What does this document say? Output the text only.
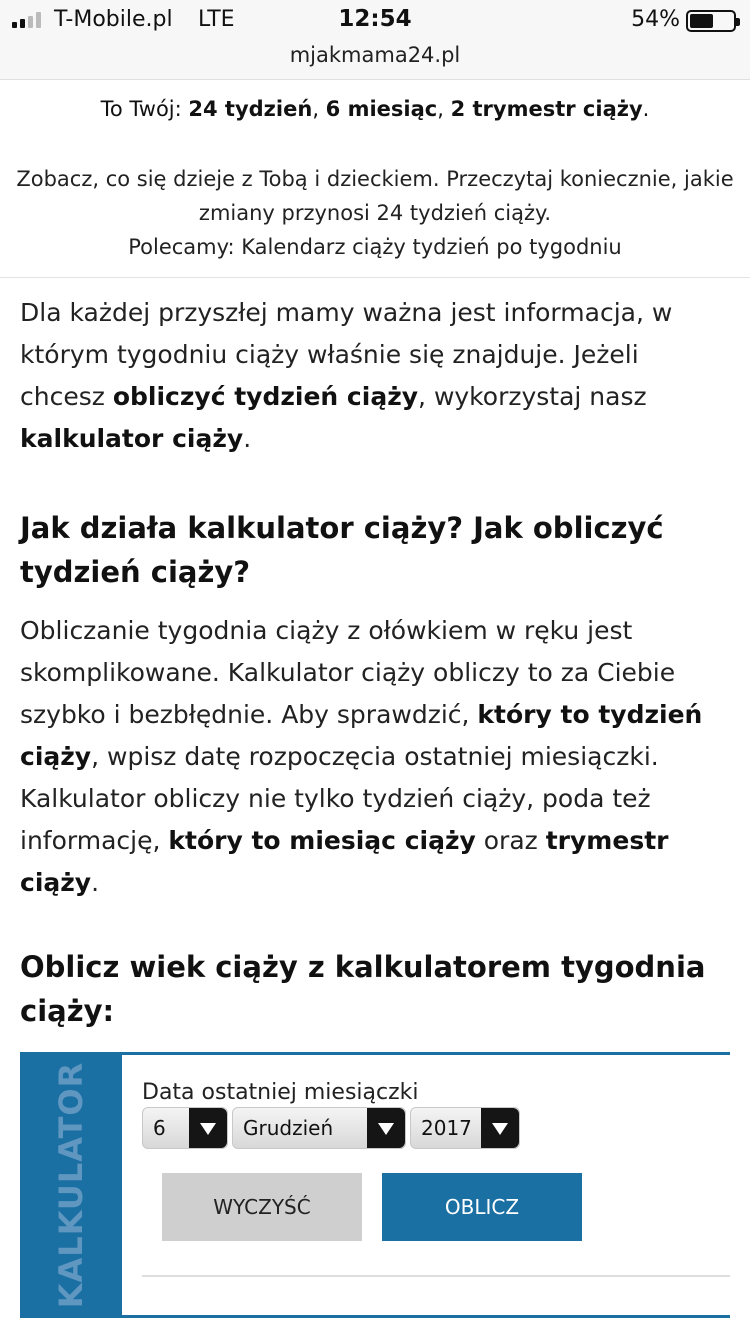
T-Mobile.pl LTE	12:54	54%
mjakmama24.pl
To Twój: 24 tydzień, 6 miesiąc, 2 trymestr ciąży.
Zobacz, co się dzieje z Tobą i dzieckiem. Przeczytaj koniecznie, jakie
zmiany przynosi 24 tydzień ciąży.
Polecamy: Kalendarz ciąży tydzień po tygodniu
Dla każdej przyszłej mamy ważna jest informacja, w którym tygodniu ciąży właśnie się znajduje. Jeżeli chcesz obliczyć tydzień ciąży, wykorzystaj nasz kalkulator ciąży.
Jak działa kalkulator ciąży? Jak obliczyć tydzień ciąży?
Obliczanie tygodnia ciąży z ołówkiem w ręku jest skomplikowane. Kalkulator ciąży obliczy to za Ciebie szybko i bezbłędnie. Aby sprawdzić, który to tydzień ciąży, wpisz datę rozpoczęcia ostatniej miesiączki. Kalkulator obliczy nie tylko tydzień ciąży, poda też informację, który to miesiąc ciąży oraz trymestr ciąży.
Oblicz wiek ciąży z kalkulatorem tygodnia ciąży:
KALKULATOR Data ostatniej miesiączki
6	Grudzień	2017
WYCZYŚĆ	OBLICZ
